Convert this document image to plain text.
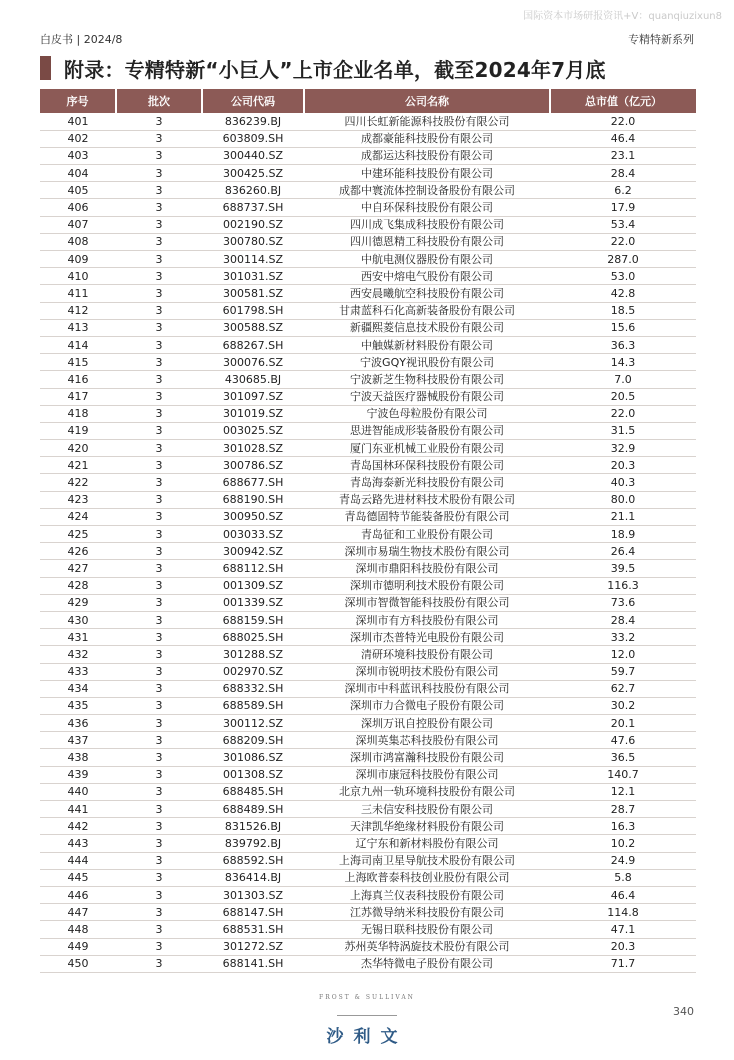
国际资本市场研报资讯+V：quanqiuzixun8
白皮书 | 2024/8	专精特新系列
附录：专精特新“小巨人”上市企业名单，截至2024年7月底
序号	批次	公司代码	公司名称	总市值（亿元）
401	3	836239.BJ	四川长虹新能源科技股份有限公司	22.0
402	3	603809.SH	成都豪能科技股份有限公司	46.4
403	3	300440.SZ	成都运达科技股份有限公司	23.1
404	3	300425.SZ	中建环能科技股份有限公司	28.4
405	3	836260.BJ	成都中寰流体控制设备股份有限公司	6.2
406	3	688737.SH	中自环保科技股份有限公司	17.9
407	3	002190.SZ	四川成飞集成科技股份有限公司	53.4
408	3	300780.SZ	四川德恩精工科技股份有限公司	22.0
409	3	300114.SZ	中航电测仪器股份有限公司	287.0
410	3	301031.SZ	西安中熔电气股份有限公司	53.0
411	3	300581.SZ	西安晨曦航空科技股份有限公司	42.8
412	3	601798.SH	甘肃蓝科石化高新装备股份有限公司	18.5
413	3	300588.SZ	新疆熙菱信息技术股份有限公司	15.6
414	3	688267.SH	中触媒新材料股份有限公司	36.3
415	3	300076.SZ	宁波GQY视讯股份有限公司	14.3
416	3	430685.BJ	宁波新芝生物科技股份有限公司	7.0
417	3	301097.SZ	宁波天益医疗器械股份有限公司	20.5
418	3	301019.SZ	宁波色母粒股份有限公司	22.0
419	3	003025.SZ	思进智能成形装备股份有限公司	31.5
420	3	301028.SZ	厦门东亚机械工业股份有限公司	32.9
421	3	300786.SZ	青岛国林环保科技股份有限公司	20.3
422	3	688677.SH	青岛海泰新光科技股份有限公司	40.3
423	3	688190.SH	青岛云路先进材料技术股份有限公司	80.0
424	3	300950.SZ	青岛德固特节能装备股份有限公司	21.1
425	3	003033.SZ	青岛征和工业股份有限公司	18.9
426	3	300942.SZ	深圳市易瑞生物技术股份有限公司	26.4
427	3	688112.SH	深圳市鼎阳科技股份有限公司	39.5
428	3	001309.SZ	深圳市德明利技术股份有限公司	116.3
429	3	001339.SZ	深圳市智微智能科技股份有限公司	73.6
430	3	688159.SH	深圳市有方科技股份有限公司	28.4
431	3	688025.SH	深圳市杰普特光电股份有限公司	33.2
432	3	301288.SZ	清研环境科技股份有限公司	12.0
433	3	002970.SZ	深圳市锐明技术股份有限公司	59.7
434	3	688332.SH	深圳市中科蓝讯科技股份有限公司	62.7
435	3	688589.SH	深圳市力合微电子股份有限公司	30.2
436	3	300112.SZ	深圳万讯自控股份有限公司	20.1
437	3	688209.SH	深圳英集芯科技股份有限公司	47.6
438	3	301086.SZ	深圳市鸿富瀚科技股份有限公司	36.5
439	3	001308.SZ	深圳市康冠科技股份有限公司	140.7
440	3	688485.SH	北京九州一轨环境科技股份有限公司	12.1
441	3	688489.SH	三未信安科技股份有限公司	28.7
442	3	831526.BJ	天津凯华绝缘材料股份有限公司	16.3
443	3	839792.BJ	辽宁东和新材料股份有限公司	10.2
444	3	688592.SH	上海司南卫星导航技术股份有限公司	24.9
445	3	836414.BJ	上海欧普泰科技创业股份有限公司	5.8
446	3	301303.SZ	上海真兰仪表科技股份有限公司	46.4
447	3	688147.SH	江苏微导纳米科技股份有限公司	114.8
448	3	688531.SH	无锡日联科技股份有限公司	47.1
449	3	301272.SZ	苏州英华特涡旋技术股份有限公司	20.3
450	3	688141.SH	杰华特微电子股份有限公司	71.7
FROST & SULLIVAN
沙利文
340
